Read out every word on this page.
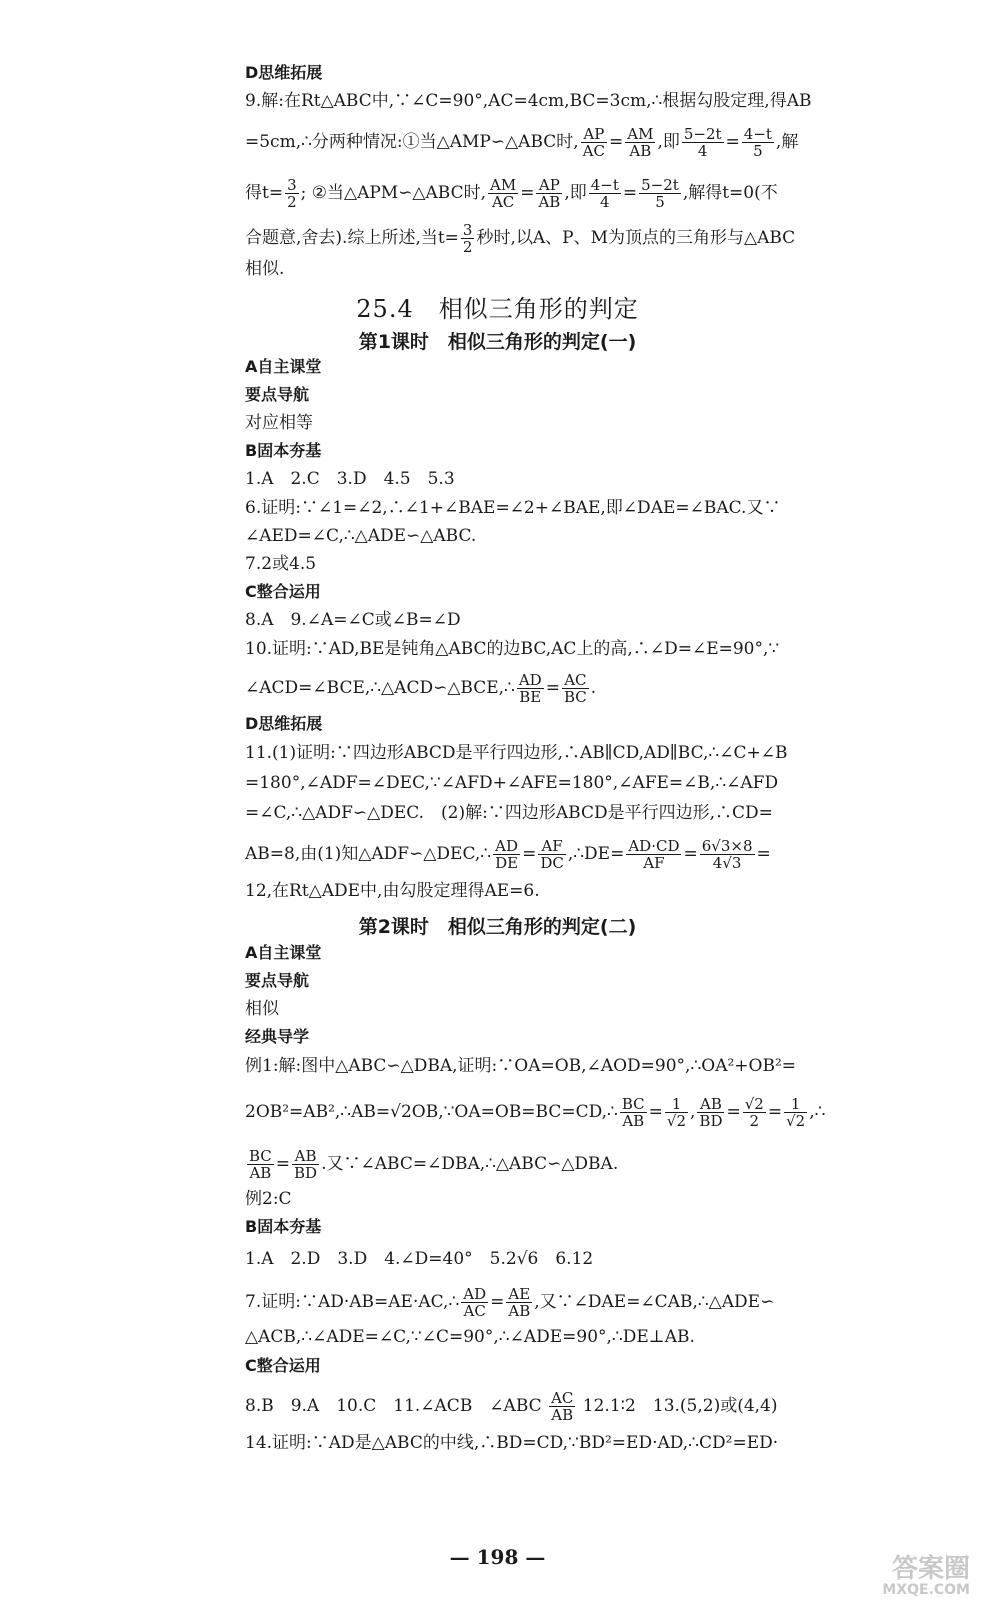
D思维拓展
9.解:在Rt△ABC中,∵∠C=90°,AC=4cm,BC=3cm,∴根据勾股定理,得AB
=5cm,∴分两种情况:①当△AMP∽△ABC时, $\frac{AP}{AC} = \frac{AM}{AB}$ ,即 $\frac{5-2t}{4} = \frac{4-t}{5}$ ,解
得$t= \frac{3}{2}$ ; ②当△APM∽△ABC时, $\frac{AM}{AC} = \frac{AP}{AB}$ ,即 $\frac{4-t}{4} = \frac{5-2t}{5}$ ,解得t=0(不
合题意,舍去).综上所述,当$t= \frac{3}{2}$ 秒时,以A、P、M为顶点的三角形与△ABC
相似.
25.4　相似三角形的判定
第1课时　相似三角形的判定(一)
A自主课堂
要点导航
对应相等
B固本夯基
1.A　2.C　3.D　4.5　5.3
6.证明:∵∠1=∠2,∴∠1+∠BAE=∠2+∠BAE,即∠DAE=∠BAC.又∵
∠AED=∠C,∴△ADE∽△ABC.
7.2或4.5
C整合运用
8.A　9.∠A=∠C或∠B=∠D
10.证明:∵AD,BE是钝角△ABC的边BC,AC上的高,∴∠D=∠E=90°,∵
∠ACD=∠BCE,∴△ACD∽△BCE,∴ $\frac{AD}{BE} = \frac{AC}{BC}$ .
D思维拓展
11.(1)证明:∵四边形ABCD是平行四边形,∴AB∥CD,AD∥BC,∴∠C+∠B
=180°,∠ADF=∠DEC,∵∠AFD+∠AFE=180°,∠AFE=∠B,∴∠AFD
=∠C,∴△ADF∽△DEC.　(2)解:∵四边形ABCD是平行四边形,∴CD=
AB=8,由(1)知△ADF∽△DEC,∴ $\frac{AD}{DE} = \frac{AF}{DC}$ ,∴DE= $\frac{AD\cdot CD}{AF} = \frac{6√3\times 8}{4√3}$ =
12,在Rt△ADE中,由勾股定理得AE=6.
第2课时　相似三角形的判定(二)
A自主课堂
要点导航
相似
经典导学
例1:解:图中△ABC∽△DBA,证明:∵OA=OB,∠AOD=90°,∴OA²+OB²=
2OB²=AB²,∴AB=√2OB,∵OA=OB=BC=CD,∴ $\frac{BC}{AB} = \frac{1}{√2}$ , $\frac{AB}{BD} = \frac{√2}{2} = \frac{1}{√2}$ ,∴
$\frac{BC}{AB} = \frac{AB}{BD}$ .又∵∠ABC=∠DBA,∴△ABC∽△DBA.
例2:C
B固本夯基
1.A　2.D　3.D　4.∠D=40°　5.2√6　6.12
7.证明:∵AD·AB=AE·AC,∴ $\frac{AD}{AC} = \frac{AE}{AB}$ ,又∵∠DAE=∠CAB,∴△ADE∽
△ACB,∴∠ADE=∠C,∵∠C=90°,∴∠ADE=90°,∴DE⊥AB.
C整合运用
8.B　9.A　10.C　11.∠ACB　∠ABC $\frac{AC}{AB}$ 12.1∶2　13.(5,2)或(4,4)
14.证明:∵AD是△ABC的中线,∴BD=CD,∵BD²=ED·AD,∴CD²=ED·
— 198 —	答案圈
MXQE.COM
